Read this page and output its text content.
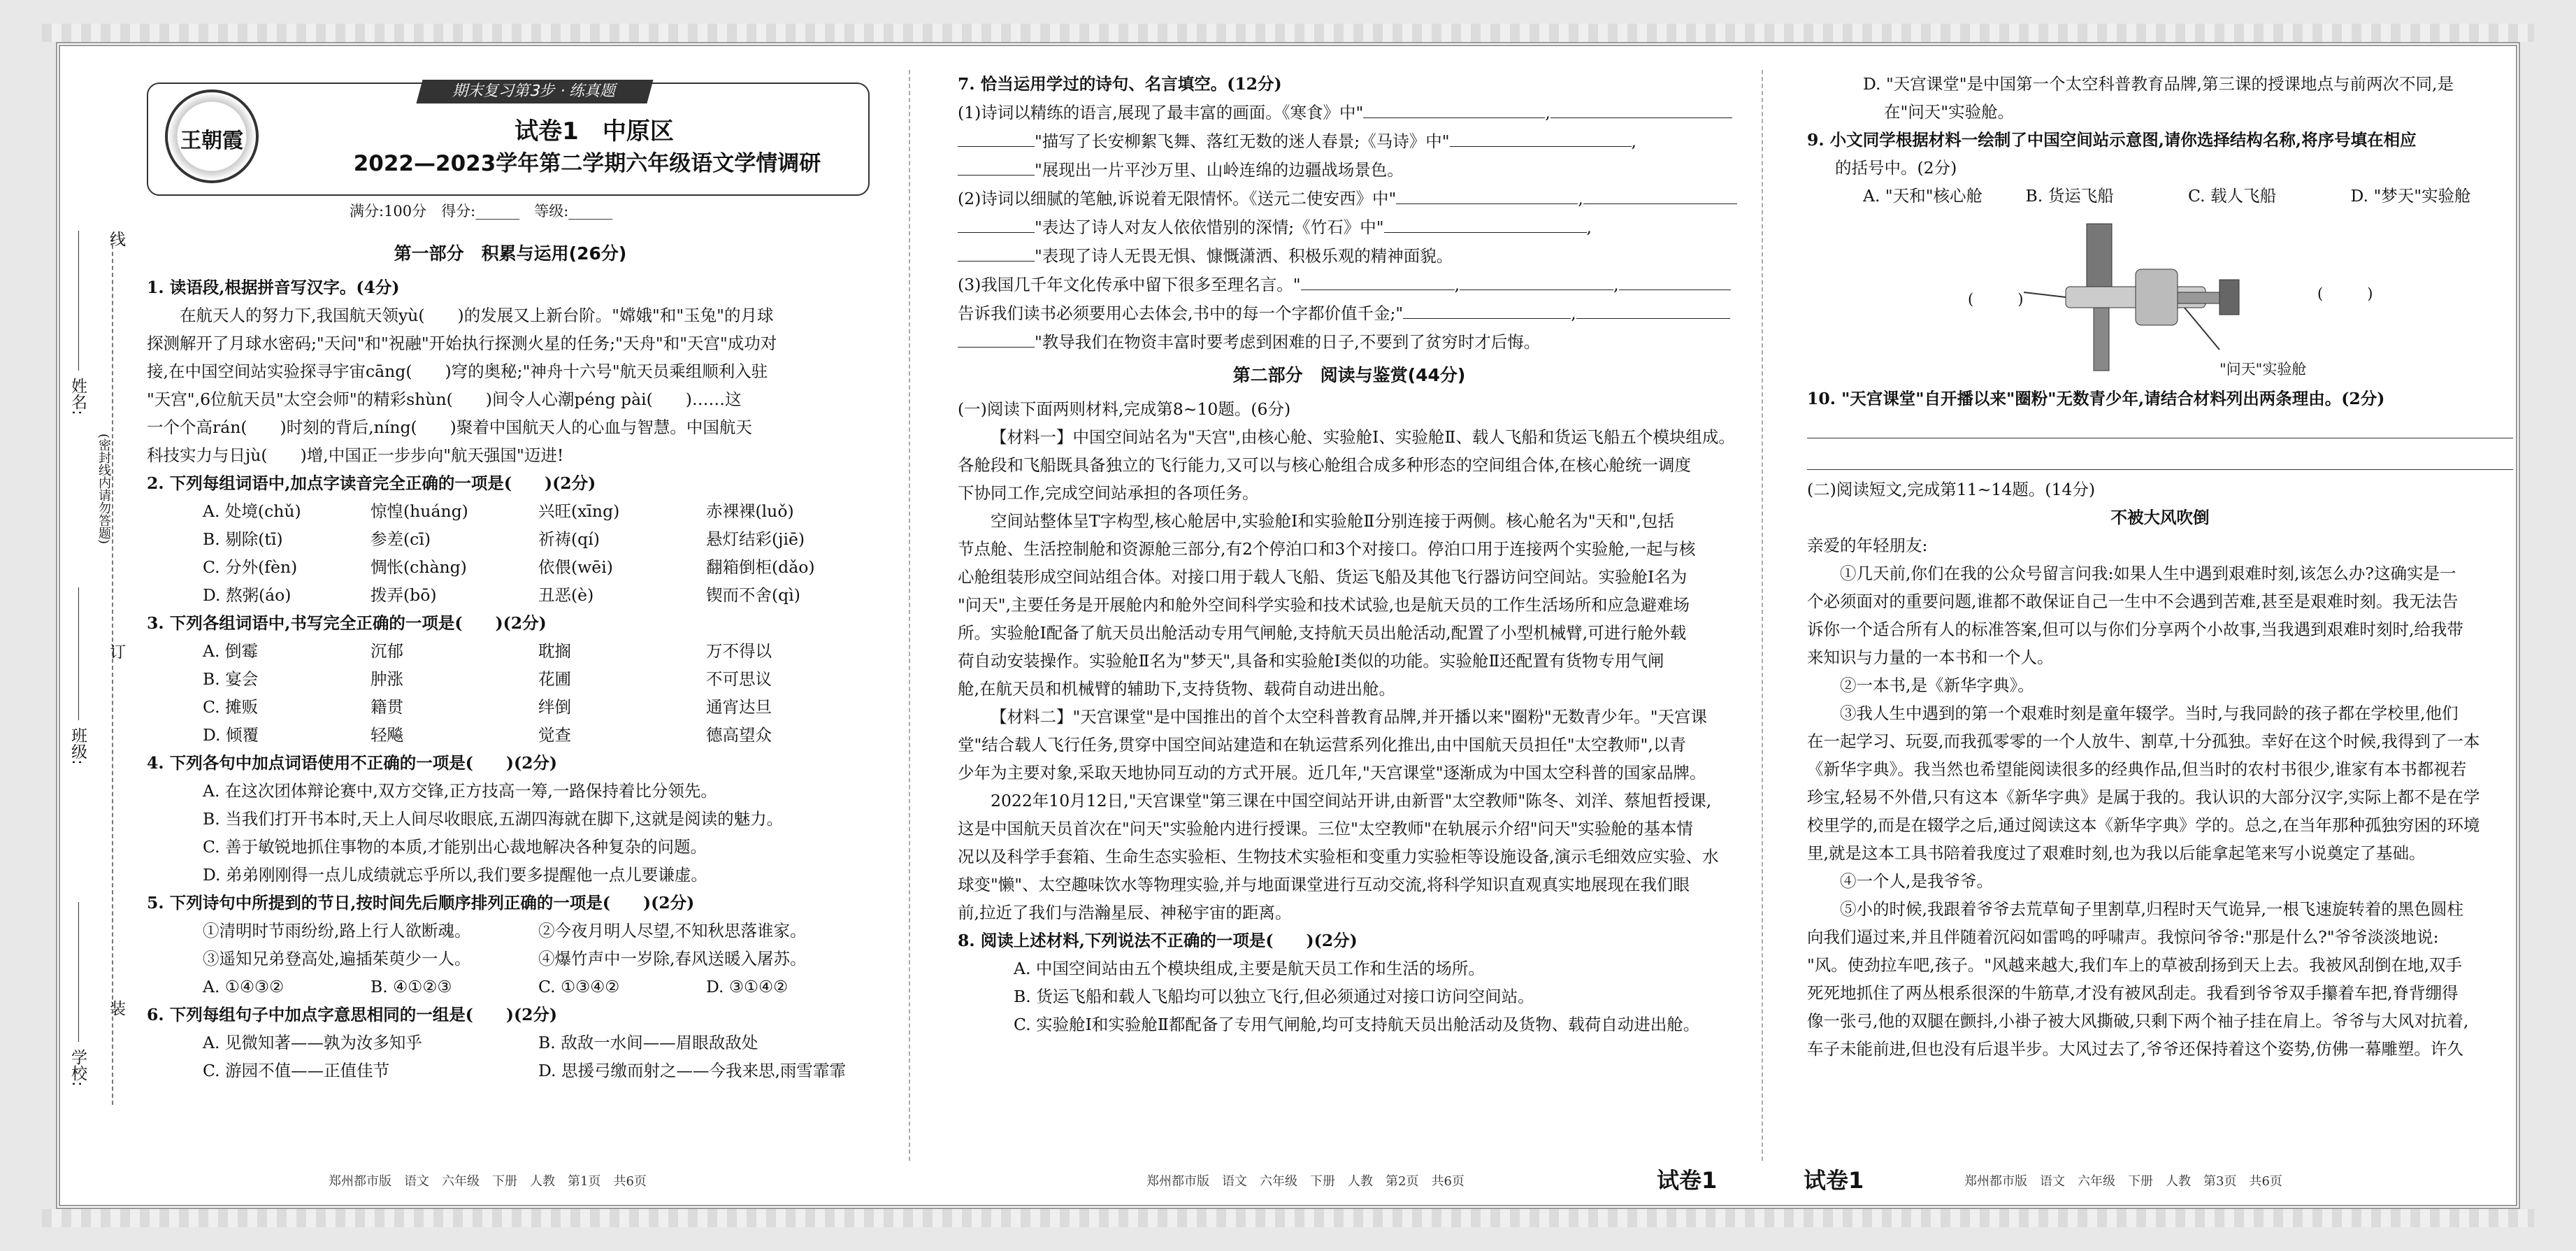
线
订
装
(密封线内请勿答题)
姓名:
班级:
学校:
王朝霞
期末复习第3步 · 练真题
试卷1　中原区
2022—2023学年第二学期六年级语文学情调研
满分:100分　得分:______　等级:______

第一部分　积累与运用(26分)

1. 读语段,根据拼音写汉字。(4分)

在航天人的努力下,我国航天领yù(　　)的发展又上新台阶。"嫦娥"和"玉兔"的月球

探测解开了月球水密码;"天问"和"祝融"开始执行探测火星的任务;"天舟"和"天宫"成功对

接,在中国空间站实验探寻宇宙cāng(　　)穹的奥秘;"神舟十六号"航天员乘组顺利入驻

"天宫",6位航天员"太空会师"的精彩shùn(　　)间令人心潮péng pài(　　)……这

一个个高rán(　　)时刻的背后,níng(　　)聚着中国航天人的心血与智慧。中国航天

科技实力与日jù(　　)增,中国正一步步向"航天强国"迈进!

2. 下列每组词语中,加点字读音完全正确的一项是(　　)(2分)

A. 处境(chǔ)	惊惶(huáng)	兴旺(xīng)	赤裸裸(luǒ)
B. 剔除(tī)	参差(cī)	祈祷(qí)	悬灯结彩(jiē)
C. 分外(fèn)	惆怅(chàng)	依偎(wēi)	翻箱倒柜(dǎo)
D. 熬粥(áo)	拨弄(bō)	丑恶(è)	锲而不舍(qì)

3. 下列各组词语中,书写完全正确的一项是(　　)(2分)

A. 倒霉	沉郁	耽搁	万不得以
B. 宴会	肿涨	花圃	不可思议
C. 摊贩	籍贯	绊倒	通宵达旦
D. 倾覆	轻飚	觉查	德高望众

4. 下列各句中加点词语使用不正确的一项是(　　)(2分)

A. 在这次团体辩论赛中,双方交锋,正方技高一筹,一路保持着比分领先。

B. 当我们打开书本时,天上人间尽收眼底,五湖四海就在脚下,这就是阅读的魅力。

C. 善于敏锐地抓住事物的本质,才能别出心裁地解决各种复杂的问题。

D. 弟弟刚刚得一点儿成绩就忘乎所以,我们要多提醒他一点儿要谦虚。

5. 下列诗句中所提到的节日,按时间先后顺序排列正确的一项是(　　)(2分)

①清明时节雨纷纷,路上行人欲断魂。	②今夜月明人尽望,不知秋思落谁家。
③遥知兄弟登高处,遍插茱萸少一人。	④爆竹声中一岁除,春风送暖入屠苏。
A. ①④③②	B. ④①②③	C. ①③④②	D. ③①④②

6. 下列每组句子中加点字意思相同的一组是(　　)(2分)

A. 见微知著——孰为汝多知乎	B. 敌敌一水间——眉眼敌敌处
C. 游园不值——正值佳节	D. 思援弓缴而射之——今我来思,雨雪霏霏
郑州都市版　语文　六年级　下册　人教　第1页　共6页

7. 恰当运用学过的诗句、名言填空。(12分)

(1)诗词以精练的语言,展现了最丰富的画面。《寒食》中"	,

"描写了长安柳絮飞舞、落红无数的迷人春景;《马诗》中"	,

"展现出一片平沙万里、山岭连绵的边疆战场景色。

(2)诗词以细腻的笔触,诉说着无限情怀。《送元二使安西》中"	,

"表达了诗人对友人依依惜别的深情;《竹石》中"	,

"表现了诗人无畏无惧、慷慨潇洒、积极乐观的精神面貌。

(3)我国几千年文化传承中留下很多至理名言。"	,	,

告诉我们读书必须要用心去体会,书中的每一个字都价值千金;"	,

"教导我们在物资丰富时要考虑到困难的日子,不要到了贫穷时才后悔。

第二部分　阅读与鉴赏(44分)

(一)阅读下面两则材料,完成第8~10题。(6分)

【材料一】中国空间站名为"天宫",由核心舱、实验舱Ⅰ、实验舱Ⅱ、载人飞船和货运飞船五个模块组成。

各舱段和飞船既具备独立的飞行能力,又可以与核心舱组合成多种形态的空间组合体,在核心舱统一调度

下协同工作,完成空间站承担的各项任务。

空间站整体呈T字构型,核心舱居中,实验舱Ⅰ和实验舱Ⅱ分别连接于两侧。核心舱名为"天和",包括

节点舱、生活控制舱和资源舱三部分,有2个停泊口和3个对接口。停泊口用于连接两个实验舱,一起与核

心舱组装形成空间站组合体。对接口用于载人飞船、货运飞船及其他飞行器访问空间站。实验舱Ⅰ名为

"问天",主要任务是开展舱内和舱外空间科学实验和技术试验,也是航天员的工作生活场所和应急避难场

所。实验舱Ⅰ配备了航天员出舱活动专用气闸舱,支持航天员出舱活动,配置了小型机械臂,可进行舱外载

荷自动安装操作。实验舱Ⅱ名为"梦天",具备和实验舱Ⅰ类似的功能。实验舱Ⅱ还配置有货物专用气闸

舱,在航天员和机械臂的辅助下,支持货物、载荷自动进出舱。

【材料二】"天宫课堂"是中国推出的首个太空科普教育品牌,并开播以来"圈粉"无数青少年。"天宫课

堂"结合载人飞行任务,贯穿中国空间站建造和在轨运营系列化推出,由中国航天员担任"太空教师",以青

少年为主要对象,采取天地协同互动的方式开展。近几年,"天宫课堂"逐渐成为中国太空科普的国家品牌。

2022年10月12日,"天宫课堂"第三课在中国空间站开讲,由新晋"太空教师"陈冬、刘洋、蔡旭哲授课,

这是中国航天员首次在"问天"实验舱内进行授课。三位"太空教师"在轨展示介绍"问天"实验舱的基本情

况以及科学手套箱、生命生态实验柜、生物技术实验柜和变重力实验柜等设施设备,演示毛细效应实验、水

球变"懒"、太空趣味饮水等物理实验,并与地面课堂进行互动交流,将科学知识直观真实地展现在我们眼

前,拉近了我们与浩瀚星辰、神秘宇宙的距离。

8. 阅读上述材料,下列说法不正确的一项是(　　)(2分)

A. 中国空间站由五个模块组成,主要是航天员工作和生活的场所。

B. 货运飞船和载人飞船均可以独立飞行,但必须通过对接口访问空间站。

C. 实验舱Ⅰ和实验舱Ⅱ都配备了专用气闸舱,均可支持航天员出舱活动及货物、载荷自动进出舱。

郑州都市版　语文　六年级　下册　人教　第2页　共6页	试卷1

D. "天宫课堂"是中国第一个太空科普教育品牌,第三课的授课地点与前两次不同,是

在"问天"实验舱。

9. 小文同学根据材料一绘制了中国空间站示意图,请你选择结构名称,将序号填在相应

的括号中。(2分)

A. "天和"核心舱	B. 货运飞船	C. 载人飞船	D. "梦天"实验舱
(　　　)	(　　　)
"问天"实验舱

10. "天宫课堂"自开播以来"圈粉"无数青少年,请结合材料列出两条理由。(2分)

(二)阅读短文,完成第11~14题。(14分)

不被大风吹倒

亲爱的年轻朋友:

①几天前,你们在我的公众号留言问我:如果人生中遇到艰难时刻,该怎么办?这确实是一

个必须面对的重要问题,谁都不敢保证自己一生中不会遇到苦难,甚至是艰难时刻。我无法告

诉你一个适合所有人的标准答案,但可以与你们分享两个小故事,当我遇到艰难时刻时,给我带

来知识与力量的一本书和一个人。

②一本书,是《新华字典》。

③我人生中遇到的第一个艰难时刻是童年辍学。当时,与我同龄的孩子都在学校里,他们

在一起学习、玩耍,而我孤零零的一个人放牛、割草,十分孤独。幸好在这个时候,我得到了一本

《新华字典》。我当然也希望能阅读很多的经典作品,但当时的农村书很少,谁家有本书都视若

珍宝,轻易不外借,只有这本《新华字典》是属于我的。我认识的大部分汉字,实际上都不是在学

校里学的,而是在辍学之后,通过阅读这本《新华字典》学的。总之,在当年那种孤独穷困的环境

里,就是这本工具书陪着我度过了艰难时刻,也为我以后能拿起笔来写小说奠定了基础。

④一个人,是我爷爷。

⑤小的时候,我跟着爷爷去荒草甸子里割草,归程时天气诡异,一根飞速旋转着的黑色圆柱

向我们逼过来,并且伴随着沉闷如雷鸣的呼啸声。我惊问爷爷:"那是什么?"爷爷淡淡地说:

"风。使劲拉车吧,孩子。"风越来越大,我们车上的草被刮扬到天上去。我被风刮倒在地,双手

死死地抓住了两丛根系很深的牛筋草,才没有被风刮走。我看到爷爷双手攥着车把,脊背绷得

像一张弓,他的双腿在颤抖,小褂子被大风撕破,只剩下两个袖子挂在肩上。爷爷与大风对抗着,

车子未能前进,但也没有后退半步。大风过去了,爷爷还保持着这个姿势,仿佛一幕雕塑。许久

试卷1	郑州都市版　语文　六年级　下册　人教　第3页　共6页
